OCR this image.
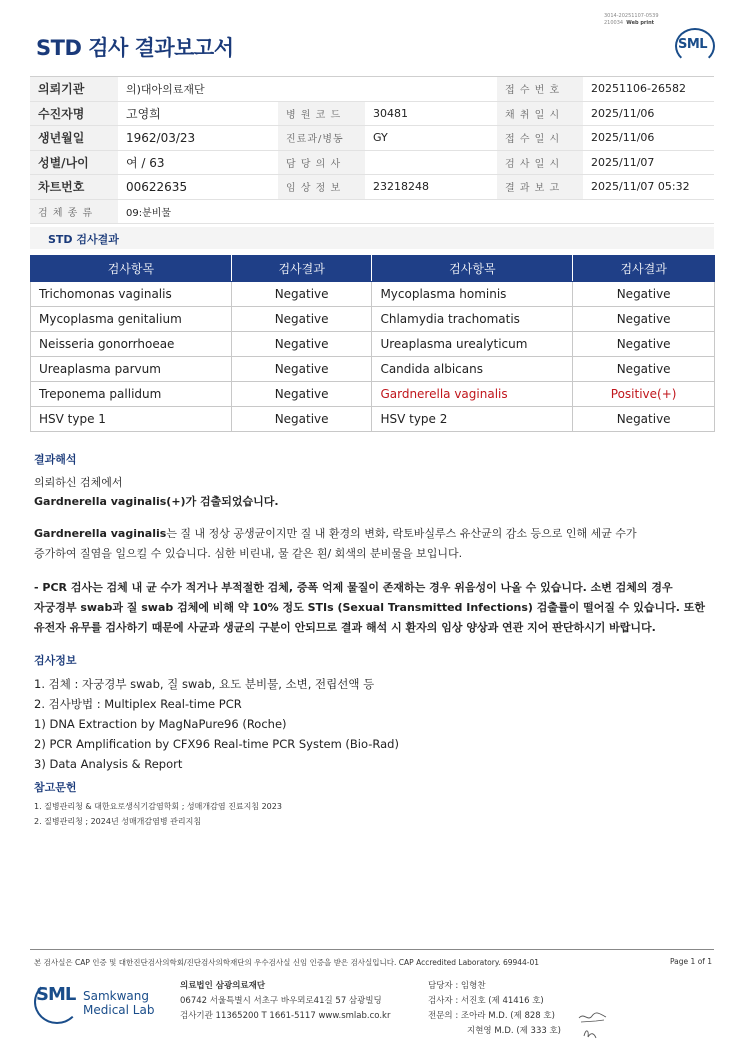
STD 검사 결과보고서
3014-20251107-0539
210034 Web print
SML
의뢰기관	의)대아의료재단			접 수 번 호	20251106-26582
수진자명	고영희	병 원 코 드	30481	채 취 일 시	2025/11/06
생년월일	1962/03/23	진료과/병동	GY	접 수 일 시	2025/11/06
성별/나이	여 / 63	담 당 의 사		검 사 일 시	2025/11/07
차트번호	00622635	임 상 정 보	23218248	결 과 보 고	2025/11/07 05:32
검 체 종 류	09:분비물				
STD 검사결과
검사항목	검사결과	검사항목	검사결과
Trichomonas vaginalis	Negative	Mycoplasma hominis	Negative
Mycoplasma genitalium	Negative	Chlamydia trachomatis	Negative
Neisseria gonorrhoeae	Negative	Ureaplasma urealyticum	Negative
Ureaplasma parvum	Negative	Candida albicans	Negative
Treponema pallidum	Negative	Gardnerella vaginalis	Positive(+)
HSV type 1	Negative	HSV type 2	Negative
결과해석
의뢰하신 검체에서
Gardnerella vaginalis(+)가 검출되었습니다.
Gardnerella vaginalis는 질 내 정상 공생균이지만 질 내 환경의 변화, 락토바실루스 유산균의 감소 등으로 인해 세균 수가
증가하여 질염을 일으킬 수 있습니다. 심한 비린내, 물 같은 흰/ 회색의 분비물을 보입니다.
- PCR 검사는 검체 내 균 수가 적거나 부적절한 검체, 증폭 억제 물질이 존재하는 경우 위음성이 나올 수 있습니다. 소변 검체의 경우
자궁경부 swab과 질 swab 검체에 비해 약 10% 정도 STIs (Sexual Transmitted Infections) 검출률이 떨어질 수 있습니다. 또한
유전자 유무를 검사하기 때문에 사균과 생균의 구분이 안되므로 결과 해석 시 환자의 임상 양상과 연관 지어 판단하시기 바랍니다.
검사정보
1. 검체 : 자궁경부 swab, 질 swab, 요도 분비물, 소변, 전립선액 등
2. 검사방법 : Multiplex Real-time PCR
1) DNA Extraction by MagNaPure96 (Roche)
2) PCR Amplification by CFX96 Real-time PCR System (Bio-Rad)
3) Data Analysis & Report
참고문헌
1. 질병관리청 & 대한요로생식기감염학회 ; 성매개감염 진료지침 2023
2. 질병관리청 ; 2024년 성매개감염병 관리지침
본 검사실은 CAP 인증 및 대한진단검사의학회/진단검사의학재단의 우수검사실 신임 인증을 받은 검사실입니다. CAP Accredited Laboratory. 69944-01	Page 1 of 1
SML Samkwang
Medical Lab
의료법인 삼광의료재단
06742 서울특별시 서초구 바우뫼로41길 57 삼광빌딩
검사기관 11365200 T 1661-5117 www.smlab.co.kr
담당자 : 임형찬
검사자 : 서진호 (제 41416 호)
전문의 : 조아라 M.D. (제 828 호)
지현영 M.D. (제 333 호)
